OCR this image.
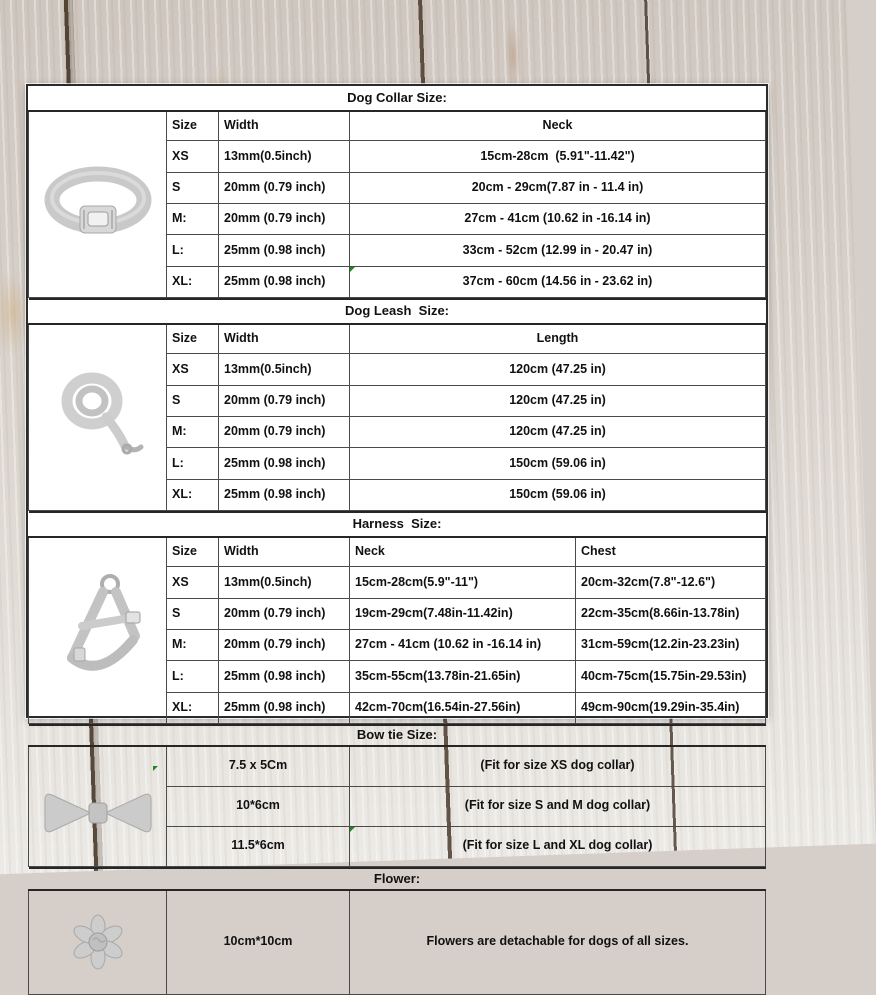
Dog Collar Size:			

	Size	Width	Neck
	XS	13mm(0.5inch)	15cm-28cm  (5.91"-11.42")
	S	20mm (0.79 inch)	20cm - 29cm(7.87 in - 11.4 in)
	M:	20mm (0.79 inch)	27cm - 41cm (10.62 in -16.14 in)
	L:	25mm (0.98 inch)	33cm - 52cm (12.99 in - 20.47 in)
	XL:	25mm (0.98 inch)	37cm - 60cm (14.56 in - 23.62 in)
Dog Leash  Size:			

	Size	Width	Length
	XS	13mm(0.5inch)	120cm (47.25 in)
	S	20mm (0.79 inch)	120cm (47.25 in)
	M:	20mm (0.79 inch)	120cm (47.25 in)
	L:	25mm (0.98 inch)	150cm (59.06 in)
	XL:	25mm (0.98 inch)	150cm (59.06 in)
Harness  Size:				

	Size	Width	Neck	Chest
	XS	13mm(0.5inch)	15cm-28cm(5.9"-11")	20cm-32cm(7.8"-12.6")
	S	20mm (0.79 inch)	19cm-29cm(7.48in-11.42in)	22cm-35cm(8.66in-13.78in)
	M:	20mm (0.79 inch)	27cm - 41cm (10.62 in -16.14 in)	31cm-59cm(12.2in-23.23in)
	L:	25mm (0.98 inch)	35cm-55cm(13.78in-21.65in)	40cm-75cm(15.75in-29.53in)
	XL:	25mm (0.98 inch)	42cm-70cm(16.54in-27.56in)	49cm-90cm(19.29in-35.4in)
Bow tie Size:		

	7.5 x 5Cm	(Fit for size XS dog collar)
	10*6cm	(Fit for size S and M dog collar)
	11.5*6cm	(Fit for size L and XL dog collar)
Flower:

	10cm*10cm	Flowers are detachable for dogs of all sizes.
